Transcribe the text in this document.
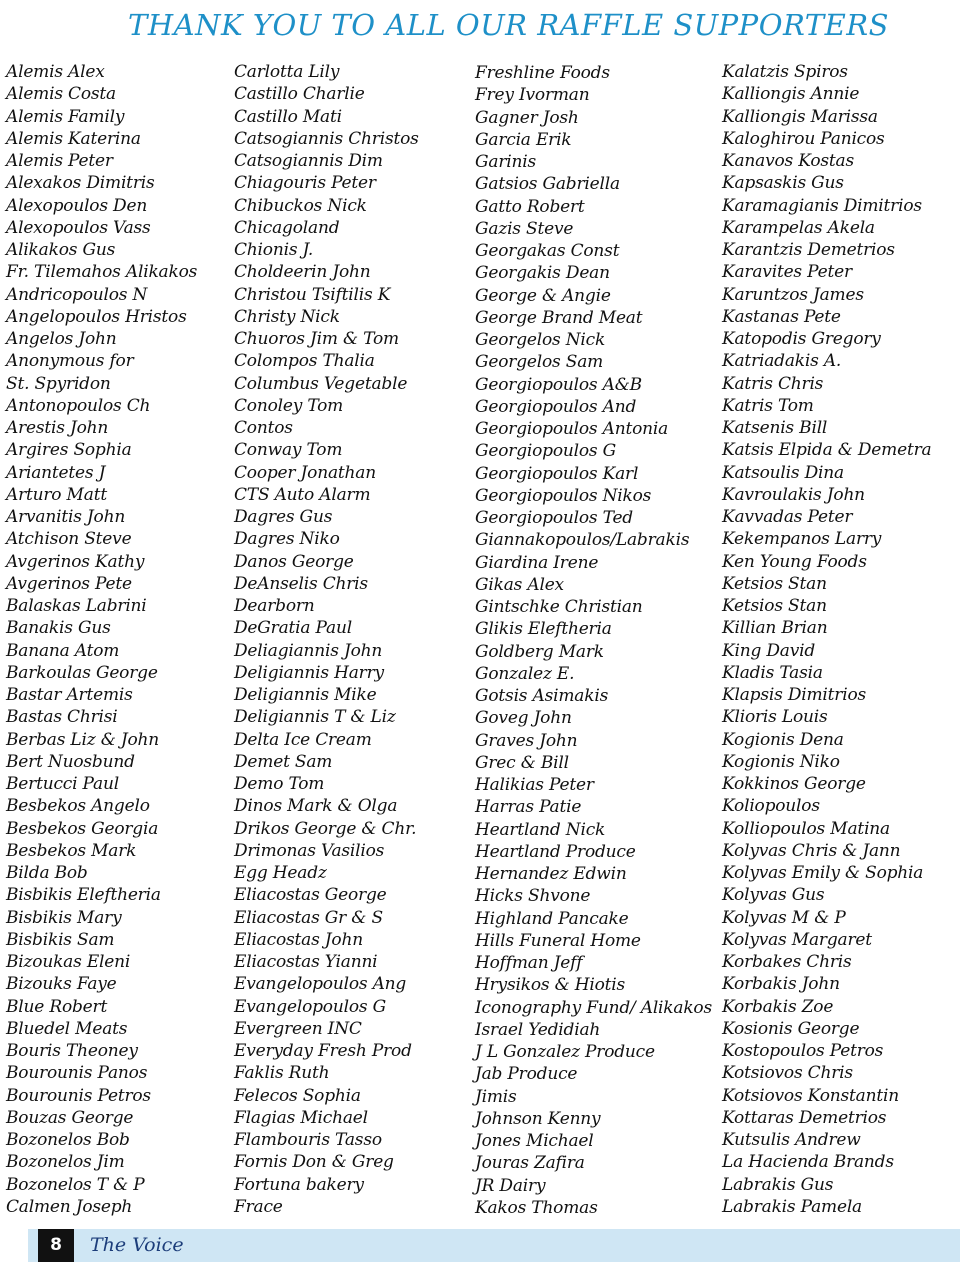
THANK YOU TO ALL OUR RAFFLE SUPPORTERS
Alemis Alex
Alemis Costa
Alemis Family
Alemis Katerina
Alemis Peter
Alexakos Dimitris
Alexopoulos Den
Alexopoulos Vass
Alikakos Gus
Fr. Tilemahos Alikakos
Andricopoulos N
Angelopoulos Hristos
Angelos John
Anonymous for
St. Spyridon
Antonopoulos Ch
Arestis John
Argires Sophia
Ariantetes J
Arturo Matt
Arvanitis John
Atchison Steve
Avgerinos Kathy
Avgerinos Pete
Balaskas Labrini
Banakis Gus
Banana Atom
Barkoulas George
Bastar Artemis
Bastas Chrisi
Berbas Liz & John
Bert Nuosbund
Bertucci Paul
Besbekos Angelo
Besbekos Georgia
Besbekos Mark
Bilda Bob
Bisbikis Eleftheria
Bisbikis Mary
Bisbikis Sam
Bizoukas Eleni
Bizouks Faye
Blue Robert
Bluedel Meats
Bouris Theoney
Bourounis Panos
Bourounis Petros
Bouzas George
Bozonelos Bob
Bozonelos Jim
Bozonelos T & P
Calmen Joseph
Carlotta Lily
Castillo Charlie
Castillo Mati
Catsogiannis Christos
Catsogiannis Dim
Chiagouris Peter
Chibuckos Nick
Chicagoland
Chionis J.
Choldeerin John
Christou Tsiftilis K
Christy Nick
Chuoros Jim & Tom
Colompos Thalia
Columbus Vegetable
Conoley Tom
Contos
Conway Tom
Cooper Jonathan
CTS Auto Alarm
Dagres Gus
Dagres Niko
Danos George
DeAnselis Chris
Dearborn
DeGratia Paul
Deliagiannis John
Deligiannis Harry
Deligiannis Mike
Deligiannis T & Liz
Delta Ice Cream
Demet Sam
Demo Tom
Dinos Mark & Olga
Drikos George & Chr.
Drimonas Vasilios
Egg Headz
Eliacostas George
Eliacostas Gr & S
Eliacostas John
Eliacostas Yianni
Evangelopoulos Ang
Evangelopoulos G
Evergreen INC
Everyday Fresh Prod
Faklis Ruth
Felecos Sophia
Flagias Michael
Flambouris Tasso
Fornis Don & Greg
Fortuna bakery
Frace
Freshline Foods
Frey Ivorman
Gagner Josh
Garcia Erik
Garinis
Gatsios Gabriella
Gatto Robert
Gazis Steve
Georgakas Const
Georgakis Dean
George & Angie
George Brand Meat
Georgelos Nick
Georgelos Sam
Georgiopoulos A&B
Georgiopoulos And
Georgiopoulos Antonia
Georgiopoulos G
Georgiopoulos Karl
Georgiopoulos Nikos
Georgiopoulos Ted
Giannakopoulos/Labrakis
Giardina Irene
Gikas Alex
Gintschke Christian
Glikis Eleftheria
Goldberg Mark
Gonzalez E.
Gotsis Asimakis
Goveg John
Graves John
Grec & Bill
Halikias Peter
Harras Patie
Heartland Nick
Heartland Produce
Hernandez Edwin
Hicks Shvone
Highland Pancake
Hills Funeral Home
Hoffman Jeff
Hrysikos & Hiotis
Iconography Fund/ Alikakos
Israel Yedidiah
J L Gonzalez Produce
Jab Produce
Jimis
Johnson Kenny
Jones Michael
Jouras Zafira
JR Dairy
Kakos Thomas
Kalatzis Spiros
Kalliongis Annie
Kalliongis Marissa
Kaloghirou Panicos
Kanavos Kostas
Kapsaskis Gus
Karamagianis Dimitrios
Karampelas Akela
Karantzis Demetrios
Karavites Peter
Karuntzos James
Kastanas Pete
Katopodis Gregory
Katriadakis A.
Katris Chris
Katris Tom
Katsenis Bill
Katsis Elpida & Demetra
Katsoulis Dina
Kavroulakis John
Kavvadas Peter
Kekempanos Larry
Ken Young Foods
Ketsios Stan
Ketsios Stan
Killian Brian
King David
Kladis Tasia
Klapsis Dimitrios
Klioris Louis
Kogionis Dena
Kogionis Niko
Kokkinos George
Koliopoulos
Kolliopoulos Matina
Kolyvas Chris & Jann
Kolyvas Emily & Sophia
Kolyvas Gus
Kolyvas M & P
Kolyvas Margaret
Korbakes Chris
Korbakis John
Korbakis Zoe
Kosionis George
Kostopoulos Petros
Kotsiovos Chris
Kotsiovos Konstantin
Kottaras Demetrios
Kutsulis Andrew
La Hacienda Brands
Labrakis Gus
Labrakis Pamela
8	The Voice
